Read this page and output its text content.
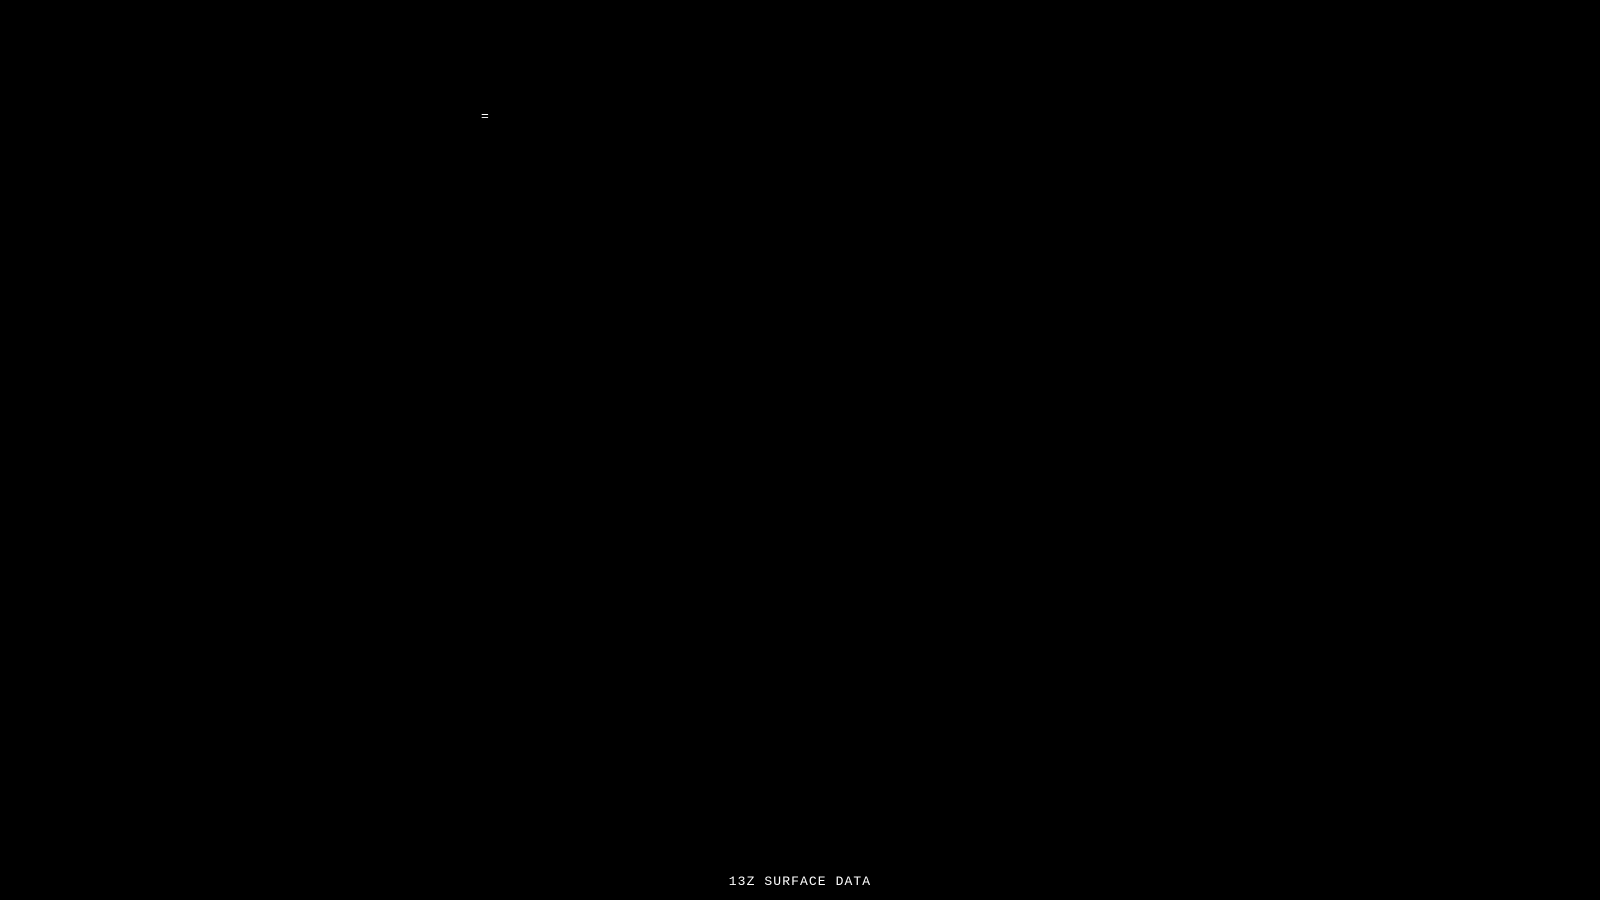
=
13Z SURFACE DATA
